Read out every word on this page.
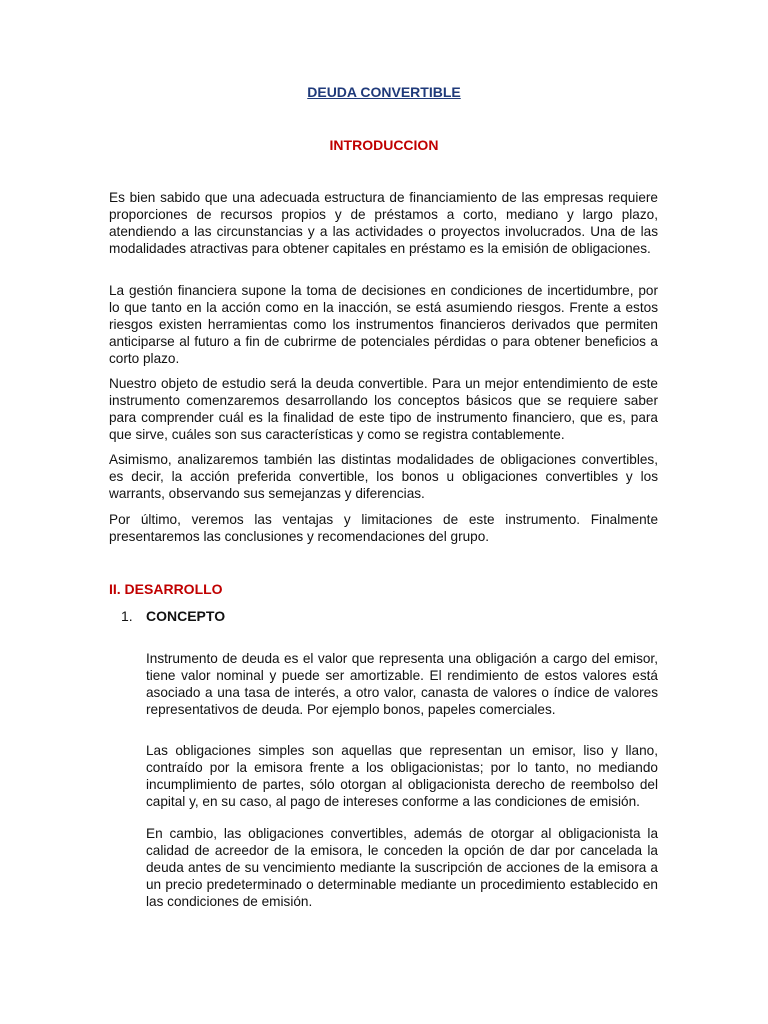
DEUDA CONVERTIBLE
INTRODUCCION

Es bien sabido que una adecuada estructura de financiamiento de las empresas requiere proporciones de recursos propios y de préstamos a corto, mediano y largo plazo, atendiendo a las circunstancias y a las actividades o proyectos involucrados. Una de las modalidades atractivas para obtener capitales en préstamo es la emisión de obligaciones.

La gestión financiera supone la toma de decisiones en condiciones de incertidumbre, por lo que tanto en la acción como en la inacción, se está asumiendo riesgos. Frente a estos riesgos existen herramientas como los instrumentos financieros derivados que permiten anticiparse al futuro a fin de cubrirme de potenciales pérdidas o para obtener beneficios a corto plazo.

Nuestro objeto de estudio será la deuda convertible. Para un mejor entendimiento de este instrumento comenzaremos desarrollando los conceptos básicos que se requiere saber para comprender cuál es la finalidad de este tipo de instrumento financiero, que es, para que sirve, cuáles son sus características y como se registra contablemente.

Asimismo, analizaremos también las distintas modalidades de obligaciones convertibles, es decir, la acción preferida convertible, los bonos u obligaciones convertibles y los warrants, observando sus semejanzas y diferencias.

Por último, veremos las ventajas y limitaciones de este instrumento. Finalmente presentaremos las conclusiones y recomendaciones del grupo.

II. DESARROLLO
1. CONCEPTO

Instrumento de deuda es el valor que representa una obligación a cargo del emisor, tiene valor nominal y puede ser amortizable. El rendimiento de estos valores está asociado a una tasa de interés, a otro valor, canasta de valores o índice de valores representativos de deuda. Por ejemplo bonos, papeles comerciales.

Las obligaciones simples son aquellas que representan un emisor, liso y llano, contraído por la emisora frente a los obligacionistas; por lo tanto, no mediando incumplimiento de partes, sólo otorgan al obligacionista derecho de reembolso del capital y, en su caso, al pago de intereses conforme a las condiciones de emisión.

En cambio, las obligaciones convertibles, además de otorgar al obligacionista la calidad de acreedor de la emisora, le conceden la opción de dar por cancelada la deuda antes de su vencimiento mediante la suscripción de acciones de la emisora a un precio predeterminado o determinable mediante un procedimiento establecido en las condiciones de emisión.
